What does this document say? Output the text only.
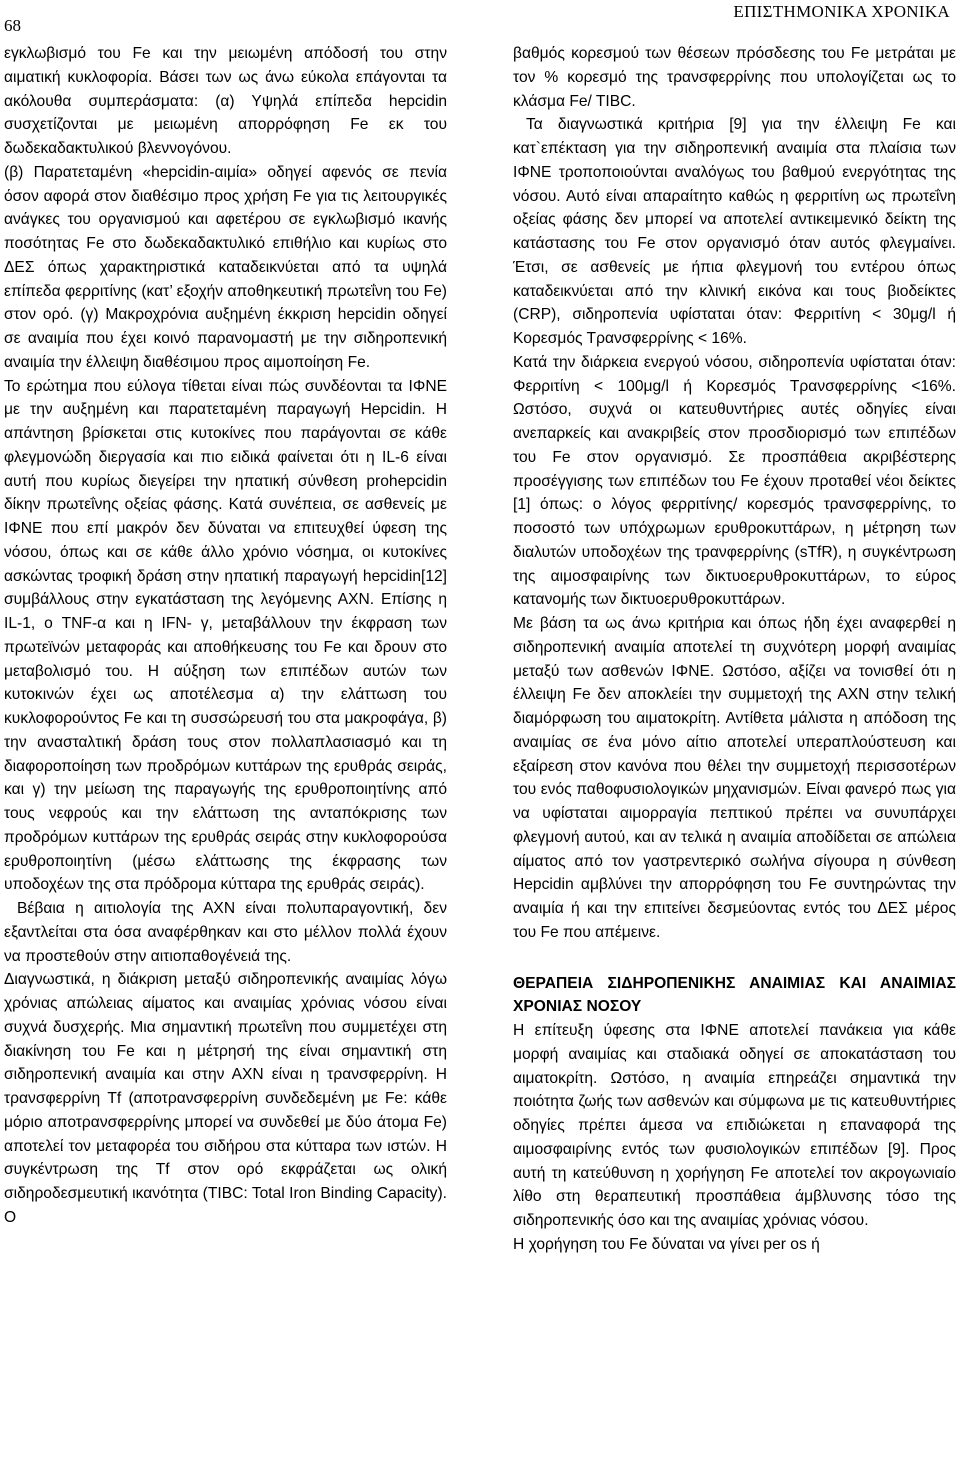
68
ΕΠΙΣΤΗΜΟΝΙΚΑ ΧΡΟΝΙΚΑ

εγκλωβισμό του Fe και την μειωμένη απόδοσή του στην αιματική κυκλοφορία. Βάσει των ως άνω εύκολα επάγονται τα ακόλουθα συμπεράσματα: (α) Υψηλά επίπεδα hepcidin συσχετίζονται με μειωμένη απορρόφηση Fe εκ του δωδεκαδακτυλικού βλεννογόνου.

(β) Παρατεταμένη «hepcidin-αιμία» οδηγεί αφενός σε πενία όσον αφορά στον διαθέσιμο προς χρήση Fe για τις λειτουργικές ανάγκες του οργανισμού και αφετέρου σε εγκλωβισμό ικανής ποσότητας Fe στο δωδεκαδακτυλικό επιθήλιο και κυρίως στο ΔΕΣ όπως χαρακτηριστικά καταδεικνύεται από τα υψηλά επίπεδα φερριτίνης (κατ’ εξοχήν αποθηκευτική πρωτεΐνη του Fe) στον ορό. (γ) Μακροχρόνια αυξημένη έκκριση hepcidin οδηγεί σε αναιμία που έχει κοινό παρανομαστή με την σιδηροπενική αναιμία την έλλειψη διαθέσιμου προς αιμοποίηση Fe.

Το ερώτημα που εύλογα τίθεται είναι πώς συνδέονται τα ΙΦΝΕ με την αυξημένη και παρατεταμένη παραγωγή Hepcidin. Η απάντηση βρίσκεται στις κυτοκίνες που παράγονται σε κάθε φλεγμονώδη διεργασία και πιο ειδικά φαίνεται ότι η IL-6 είναι αυτή που κυρίως διεγείρει την ηπατική σύνθεση prohepcidin δίκην πρωτεΐνης οξείας φάσης. Κατά συνέπεια, σε ασθενείς με ΙΦΝΕ που επί μακρόν δεν δύναται να επιτευχθεί ύφεση της νόσου, όπως και σε κάθε άλλο χρόνιο νόσημα, οι κυτοκίνες ασκώντας τροφική δράση στην ηπατική παραγωγή hepcidin[12] συμβάλλους στην εγκατάσταση της λεγόμενης ΑΧΝ. Επίσης η IL-1, ο TNF-α και η IFN- γ, μεταβάλλουν την έκφραση των πρωτεϊνών μεταφοράς και αποθήκευσης του Fe και δρουν στο μεταβολισμό του. Η αύξηση των επιπέδων αυτών των κυτοκινών έχει ως αποτέλεσμα α) την ελάττωση του κυκλοφορούντος Fe και τη συσσώρευσή του στα μακροφάγα, β) την ανασταλτική δράση τους στον πολλαπλασιασμό και τη διαφοροποίηση των προδρόμων κυττάρων της ερυθράς σειράς, και γ) την μείωση της παραγωγής της ερυθροποιητίνης από τους νεφρούς και την ελάττωση της ανταπόκρισης των προδρόμων κυττάρων της ερυθράς σειράς στην κυκλοφορούσα ερυθροποιητίνη (μέσω ελάττωσης της έκφρασης των υποδοχέων της στα πρόδρομα κύτταρα της ερυθράς σειράς).

Βέβαια η αιτιολογία της ΑΧΝ είναι πολυπαραγοντική, δεν εξαντλείται στα όσα αναφέρθηκαν και στο μέλλον πολλά έχουν να προστεθούν στην αιτιοπαθογένειά της.

Διαγνωστικά, η διάκριση μεταξύ σιδηροπενικής αναιμίας λόγω χρόνιας απώλειας αίματος και αναιμίας χρόνιας νόσου είναι συχνά δυσχερής. Μια σημαντική πρωτεΐνη που συμμετέχει στη διακίνηση του Fe και η μέτρησή της είναι σημαντική στη σιδηροπενική αναιμία και στην ΑΧΝ είναι η τρανσφερρίνη. Η τρανσφερρίνη Tf (αποτρανσφερρίνη συνδεδεμένη με Fe: κάθε μόριο αποτρανσφερρίνης μπορεί να συνδεθεί με δύο άτομα Fe) αποτελεί τον μεταφορέα του σιδήρου στα κύτταρα των ιστών. Η συγκέντρωση της Tf στον ορό εκφράζεται ως ολική σιδηροδεσμευτική ικανότητα (TIBC: Total Iron Binding Capacity). Ο

βαθμός κορεσμού των θέσεων πρόσδεσης του Fe μετράται με τον % κορεσμό της τρανσφερρίνης που υπολογίζεται ως το κλάσμα Fe/ TIBC.

Τα διαγνωστικά κριτήρια [9] για την έλλειψη Fe και κατ`επέκταση για την σιδηροπενική αναιμία στα πλαίσια των ΙΦΝΕ τροποποιούνται αναλόγως του βαθμού ενεργότητας της νόσου. Αυτό είναι απαραίτητο καθώς η φερριτίνη ως πρωτεΐνη οξείας φάσης δεν μπορεί να αποτελεί αντικειμενικό δείκτη της κατάστασης του Fe στον οργανισμό όταν αυτός φλεγμαίνει. Έτσι, σε ασθενείς με ήπια φλεγμονή του εντέρου όπως καταδεικνύεται από την κλινική εικόνα και τους βιοδείκτες (CRP), σιδηροπενία υφίσταται όταν: Φερριτίνη < 30μg/l ή Κορεσμός Τρανσφερρίνης < 16%.

Κατά την διάρκεια ενεργού νόσου, σιδηροπενία υφίσταται όταν: Φερριτίνη < 100μg/l ή Κορεσμός Τρανσφερρίνης <16%. Ωστόσο, συχνά οι κατευθυντήριες αυτές οδηγίες είναι ανεπαρκείς και ανακριβείς στον προσδιορισμό των επιπέδων του Fe στον οργανισμό. Σε προσπάθεια ακριβέστερης προσέγγισης των επιπέδων του Fe έχουν προταθεί νέοι δείκτες [1] όπως: ο λόγος φερριτίνης/ κορεσμός τρανσφερρίνης, το ποσοστό των υπόχρωμων ερυθροκυττάρων, η μέτρηση των διαλυτών υποδοχέων της τρανφερρίνης (sTfR), η συγκέντρωση της αιμοσφαιρίνης των δικτυοερυθροκυττάρων, το εύρος κατανομής των δικτυοερυθροκυττάρων.

Με βάση τα ως άνω κριτήρια και όπως ήδη έχει αναφερθεί η σιδηροπενική αναιμία αποτελεί τη συχνότερη μορφή αναιμίας μεταξύ των ασθενών ΙΦΝΕ. Ωστόσο, αξίζει να τονισθεί ότι η έλλειψη Fe δεν αποκλείει την συμμετοχή της ΑΧΝ στην τελική διαμόρφωση του αιματοκρίτη. Αντίθετα μάλιστα η απόδοση της αναιμίας σε ένα μόνο αίτιο αποτελεί υπεραπλούστευση και εξαίρεση στον κανόνα που θέλει την συμμετοχή περισσοτέρων του ενός παθοφυσιολογικών μηχανισμών. Είναι φανερό πως για να υφίσταται αιμορραγία πεπτικού πρέπει να συνυπάρχει φλεγμονή αυτού, και αν τελικά η αναιμία αποδίδεται σε απώλεια αίματος από τον γαστρεντερικό σωλήνα σίγουρα η σύνθεση Hepcidin αμβλύνει την απορρόφηση του Fe συντηρώντας την αναιμία ή και την επιτείνει δεσμεύοντας εντός του ΔΕΣ μέρος του Fe που απέμεινε.

ΘΕΡΑΠΕΙΑ ΣΙΔΗΡΟΠΕΝΙΚΗΣ ΑΝΑΙΜΙΑΣ ΚΑΙ ΑΝΑΙΜΙΑΣ ΧΡΟΝΙΑΣ ΝΟΣΟΥ

Η επίτευξη ύφεσης στα ΙΦΝΕ αποτελεί πανάκεια για κάθε μορφή αναιμίας και σταδιακά οδηγεί σε αποκατάσταση του αιματοκρίτη. Ωστόσο, η αναιμία επηρεάζει σημαντικά την ποιότητα ζωής των ασθενών και σύμφωνα με τις κατευθυντήριες οδηγίες πρέπει άμεσα να επιδιώκεται η επαναφορά της αιμοσφαιρίνης εντός των φυσιολογικών επιπέδων [9]. Προς αυτή τη κατεύθυνση η χορήγηση Fe αποτελεί τον ακρογωνιαίο λίθο στη θεραπευτική προσπάθεια άμβλυνσης τόσο της σιδηροπενικής όσο και της αναιμίας χρόνιας νόσου.

Η χορήγηση του Fe δύναται να γίνει per os ή
